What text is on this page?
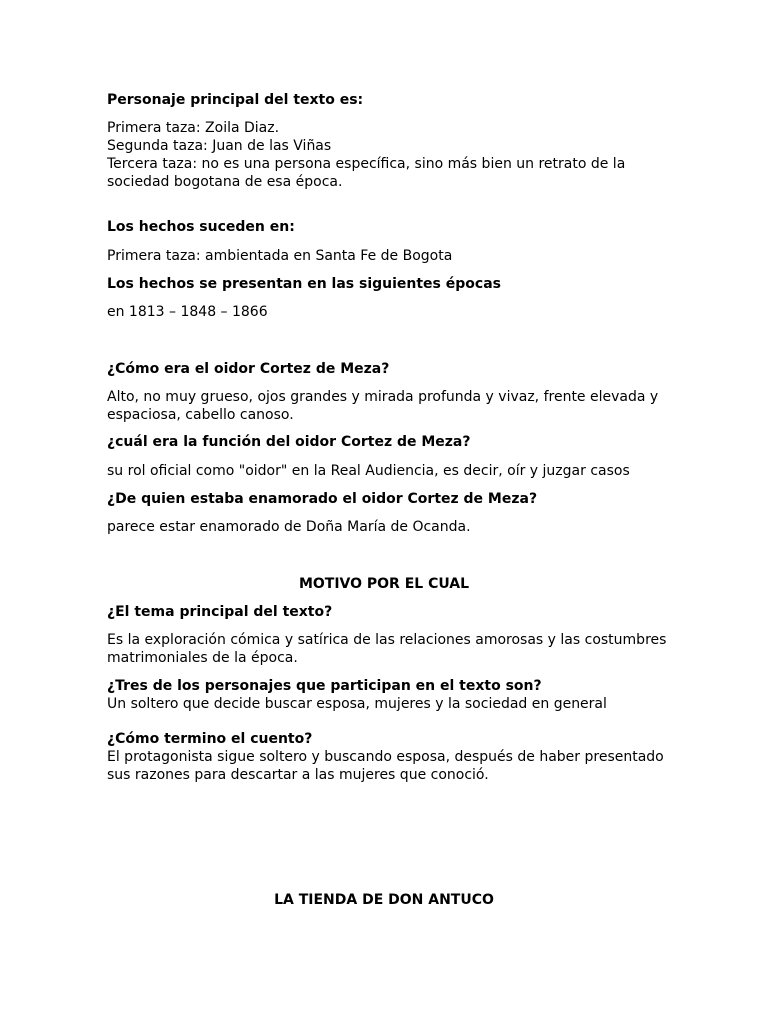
Personaje principal del texto es:

Primera taza: Zoila Diaz.
Segunda taza: Juan de las Viñas
Tercera taza: no es una persona específica, sino más bien un retrato de la
sociedad bogotana de esa época.

Los hechos suceden en:

Primera taza: ambientada en Santa Fe de Bogota

Los hechos se presentan en las siguientes épocas

en 1813 – 1848 – 1866

¿Cómo era el oidor Cortez de Meza?

Alto, no muy grueso, ojos grandes y mirada profunda y vivaz, frente elevada y
espaciosa, cabello canoso.

¿cuál era la función del oidor Cortez de Meza?

su rol oficial como "oidor" en la Real Audiencia, es decir, oír y juzgar casos

¿De quien estaba enamorado el oidor Cortez de Meza?

parece estar enamorado de Doña María de Ocanda.

MOTIVO POR EL CUAL

¿El tema principal del texto?

Es la exploración cómica y satírica de las relaciones amorosas y las costumbres
matrimoniales de la época.

¿Tres de los personajes que participan en el texto son?

Un soltero que decide buscar esposa, mujeres y la sociedad en general

¿Cómo termino el cuento?

El protagonista sigue soltero y buscando esposa, después de haber presentado
sus razones para descartar a las mujeres que conoció.

LA TIENDA DE DON ANTUCO
